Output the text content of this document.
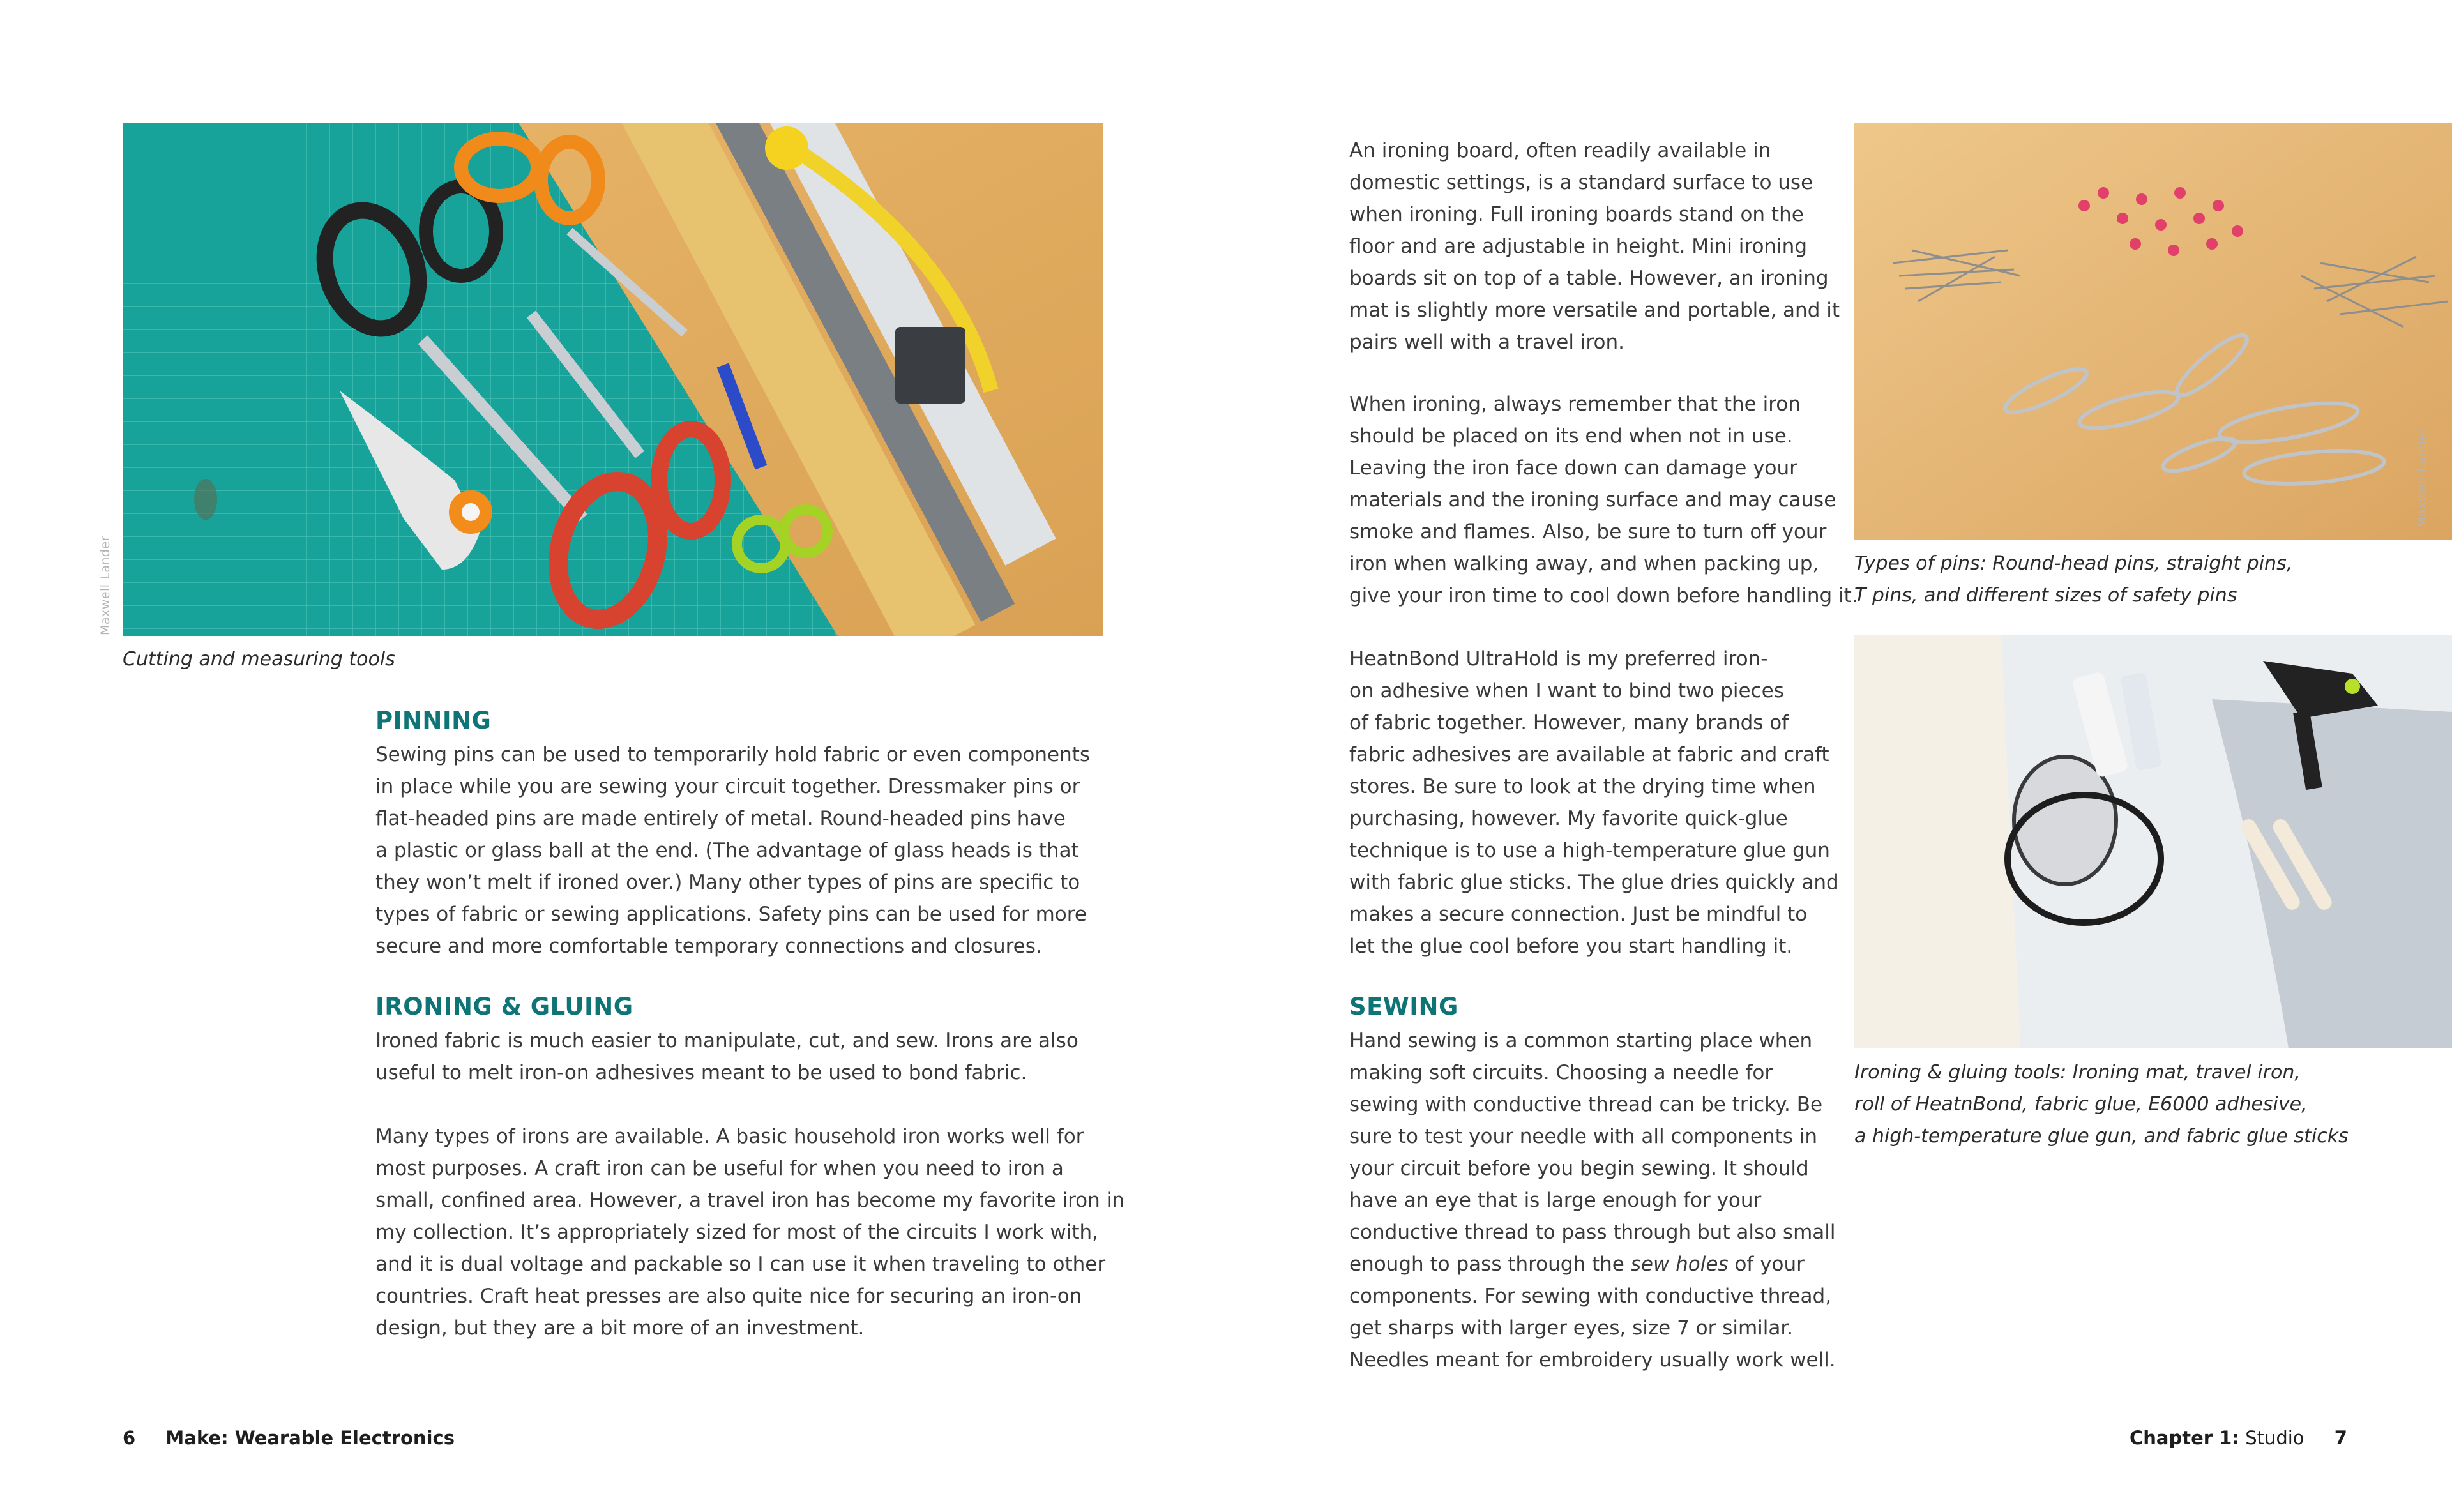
Maxwell Lander

Cutting and measuring tools

PINNING

Sewing pins can be used to temporarily hold fabric or even components
in place while you are sewing your circuit together. Dressmaker pins or
flat-headed pins are made entirely of metal. Round-headed pins have
a plastic or glass ball at the end. (The advantage of glass heads is that
they won’t melt if ironed over.) Many other types of pins are specific to
types of fabric or sewing applications. Safety pins can be used for more
secure and more comfortable temporary connections and closures.

IRONING & GLUING

Ironed fabric is much easier to manipulate, cut, and sew. Irons are also
useful to melt iron-on adhesives meant to be used to bond fabric.

Many types of irons are available. A basic household iron works well for
most purposes. A craft iron can be useful for when you need to iron a
small, confined area. However, a travel iron has become my favorite iron in
my collection. It’s appropriately sized for most of the circuits I work with,
and it is dual voltage and packable so I can use it when traveling to other
countries. Craft heat presses are also quite nice for securing an iron-on
design, but they are a bit more of an investment.

6 Make: Wearable Electronics

An ironing board, often readily available in
domestic settings, is a standard surface to use
when ironing. Full ironing boards stand on the
floor and are adjustable in height. Mini ironing
boards sit on top of a table. However, an ironing
mat is slightly more versatile and portable, and it
pairs well with a travel iron.

When ironing, always remember that the iron
should be placed on its end when not in use.
Leaving the iron face down can damage your
materials and the ironing surface and may cause
smoke and flames. Also, be sure to turn off your
iron when walking away, and when packing up,
give your iron time to cool down before handling it.

HeatnBond UltraHold is my preferred iron-
on adhesive when I want to bind two pieces
of fabric together. However, many brands of
fabric adhesives are available at fabric and craft
stores. Be sure to look at the drying time when
purchasing, however. My favorite quick-glue
technique is to use a high-temperature glue gun
with fabric glue sticks. The glue dries quickly and
makes a secure connection. Just be mindful to
let the glue cool before you start handling it.

SEWING

Hand sewing is a common starting place when
making soft circuits. Choosing a needle for
sewing with conductive thread can be tricky. Be
sure to test your needle with all components in
your circuit before you begin sewing. It should
have an eye that is large enough for your
conductive thread to pass through but also small
enough to pass through the sew holes of your
components. For sewing with conductive thread,
get sharps with larger eyes, size 7 or similar.
Needles meant for embroidery usually work well.

Maxwell Lander

Types of pins: Round-head pins, straight pins,
T pins, and different sizes of safety pins

Ironing & gluing tools: Ironing mat, travel iron,
roll of HeatnBond, fabric glue, E6000 adhesive,
a high-temperature glue gun, and fabric glue sticks

Chapter 1: Studio 7
